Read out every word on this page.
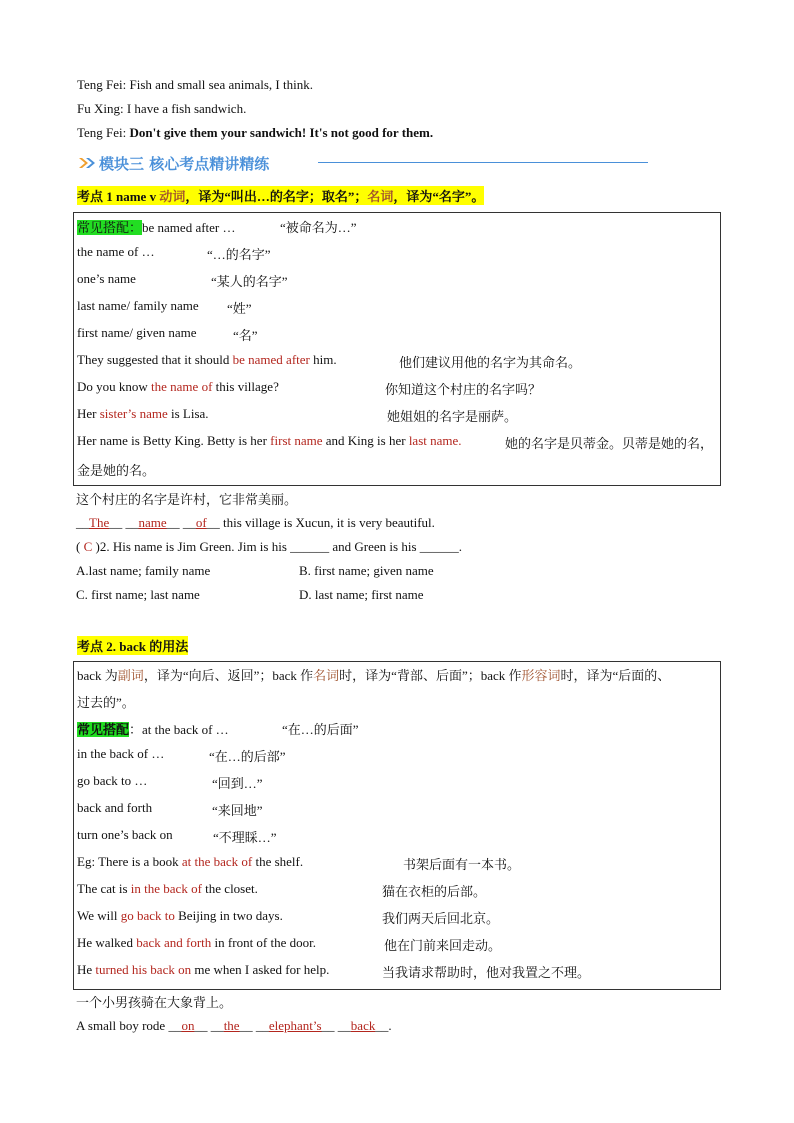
Teng Fei: Fish and small sea animals, I think.
Fu Xing: I have a fish sandwich.
Teng Fei: Don't give them your sandwich! It's not good for them.
模块三 核心考点精讲精练
考点 1 name v 动词，译为“叫出…的名字；取名”；名词，译为“名字”。
常见搭配：be named after …	“被命名为…”
the name of …	“…的名字”
one’s name	“某人的名字”
last name/ family name “姓”
first name/ given name	“名”
They suggested that it should be named after him.	他们建议用他的名字为其命名。
Do you know the name of this village?	你知道这个村庄的名字吗？
Her sister’s name is Lisa.	她姐姐的名字是丽萨。
Her name is Betty King. Betty is her first name and King is her last name.	她的名字是贝蒂金。贝蒂是她的名，
金是她的名。
这个村庄的名字是许村，它非常美丽。
__The__ __name__ __of__ this village is Xucun, it is very beautiful.
( C )2. His name is Jim Green. Jim is his ______ and Green is his ______.
A.last name; family name	B. first name; given name
C. first name; last name	D. last name; first name
考点 2. back 的用法
back 为副词，译为“向后、返回”；back 作名词时，译为“背部、后面”；back 作形容词时，译为“后面的、
过去的”。
常见搭配：at the back of …	“在…的后面”
in the back of …	“在…的后部”
go back to …	“回到…”
back and forth	“来回地”
turn one’s back on	“不理睬…”
Eg: There is a book at the back of the shelf.	书架后面有一本书。
The cat is in the back of the closet.	猫在衣柜的后部。
We will go back to Beijing in two days.	我们两天后回北京。
He walked back and forth in front of the door.	他在门前来回走动。
He turned his back on me when I asked for help.	当我请求帮助时，他对我置之不理。
一个小男孩骑在大象背上。
A small boy rode __on__ __the__ __elephant’s__ __back__.
